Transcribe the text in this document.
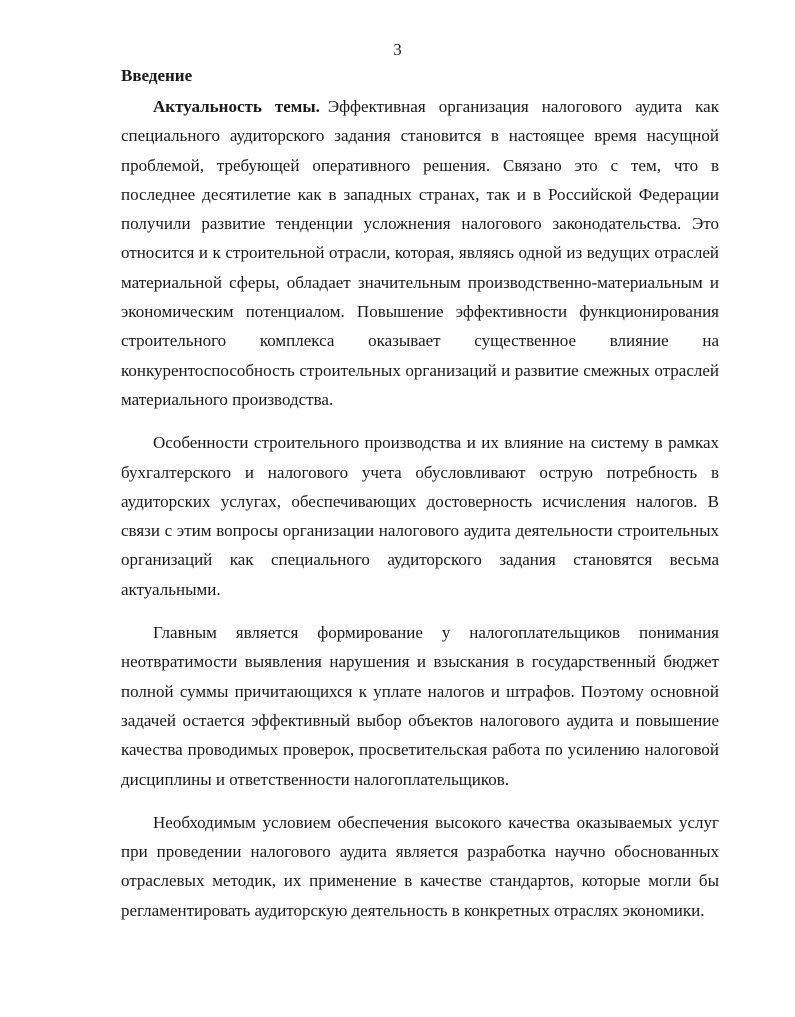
3
Введение

Актуальность темы. Эффективная организация налогового аудита как специального аудиторского задания становится в настоящее время насущной проблемой, требующей оперативного решения. Связано это с тем, что в последнее десятилетие как в западных странах, так и в Российской Федерации получили развитие тенденции усложнения налогового законодательства. Это относится и к строительной отрасли, которая, являясь одной из ведущих отраслей материальной сферы, обладает значительным производственно-материальным и экономическим потенциалом. Повышение эффективности функционирования строительного комплекса оказывает существенное влияние на конкурентоспособность строительных организаций и развитие смежных отраслей материального производства.

Особенности строительного производства и их влияние на систему в рамках бухгалтерского и налогового учета обусловливают острую потребность в аудиторских услугах, обеспечивающих достоверность исчисления налогов. В связи с этим вопросы организации налогового аудита деятельности строительных организаций как специального аудиторского задания становятся весьма актуальными.

Главным является формирование у налогоплательщиков понимания неотвратимости выявления нарушения и взыскания в государственный бюджет полной суммы причитающихся к уплате налогов и штрафов. Поэтому основной задачей остается эффективный выбор объектов налогового аудита и повышение качества проводимых проверок, просветительская работа по усилению налоговой дисциплины и ответственности налогоплательщиков.

Необходимым условием обеспечения высокого качества оказываемых услуг при проведении налогового аудита является разработка научно обоснованных отраслевых методик, их применение в качестве стандартов, которые могли бы регламентировать аудиторскую деятельность в конкретных отраслях экономики.
